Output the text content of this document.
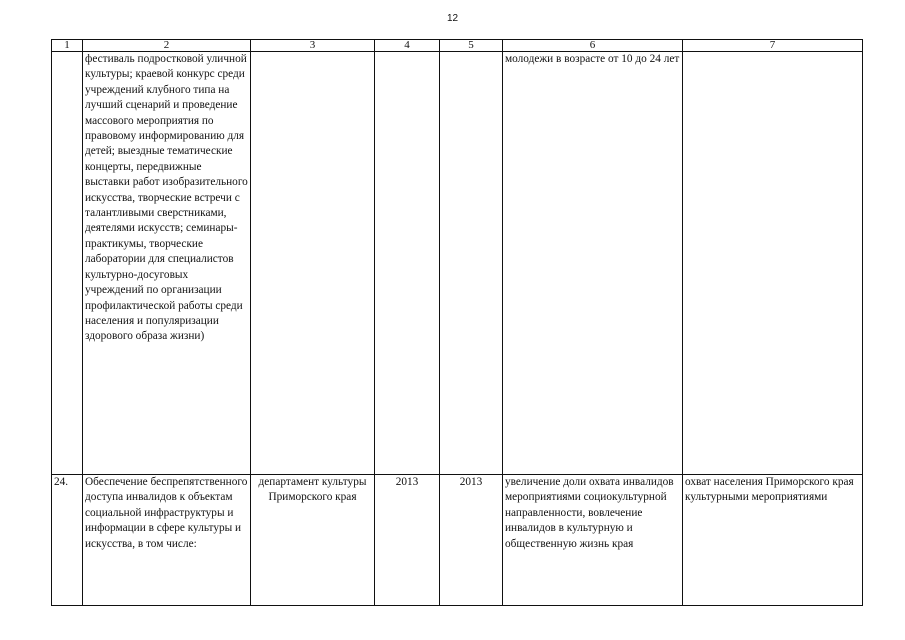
12
1	2	3	4	5	6	7
	фестиваль подростковой уличной культуры; краевой конкурс среди учреждений клубного типа на лучший сценарий и проведение массового мероприятия по правовому информированию для детей; выездные тематические концерты, передвижные выставки работ изобразительного искусства, творческие встречи с талантливыми сверстниками, деятелями искусств; семинары-практикумы, творческие лаборатории для специалистов культурно-досуговых учреждений по организации профилактической работы среди населения и популяризации здорового образа жизни)				молодежи в возрасте от 10 до 24 лет	
24.	Обеспечение беспрепятственного доступа инвалидов к объектам социальной инфраструктуры и информации в сфере культуры и искусства, в том числе:	департамент культуры Приморского края	2013	2013	увеличение доли охвата инвалидов мероприятиями социокультурной направленности, вовлечение инвалидов в культурную и общественную жизнь края	охват населения Приморского края культурными мероприятиями
